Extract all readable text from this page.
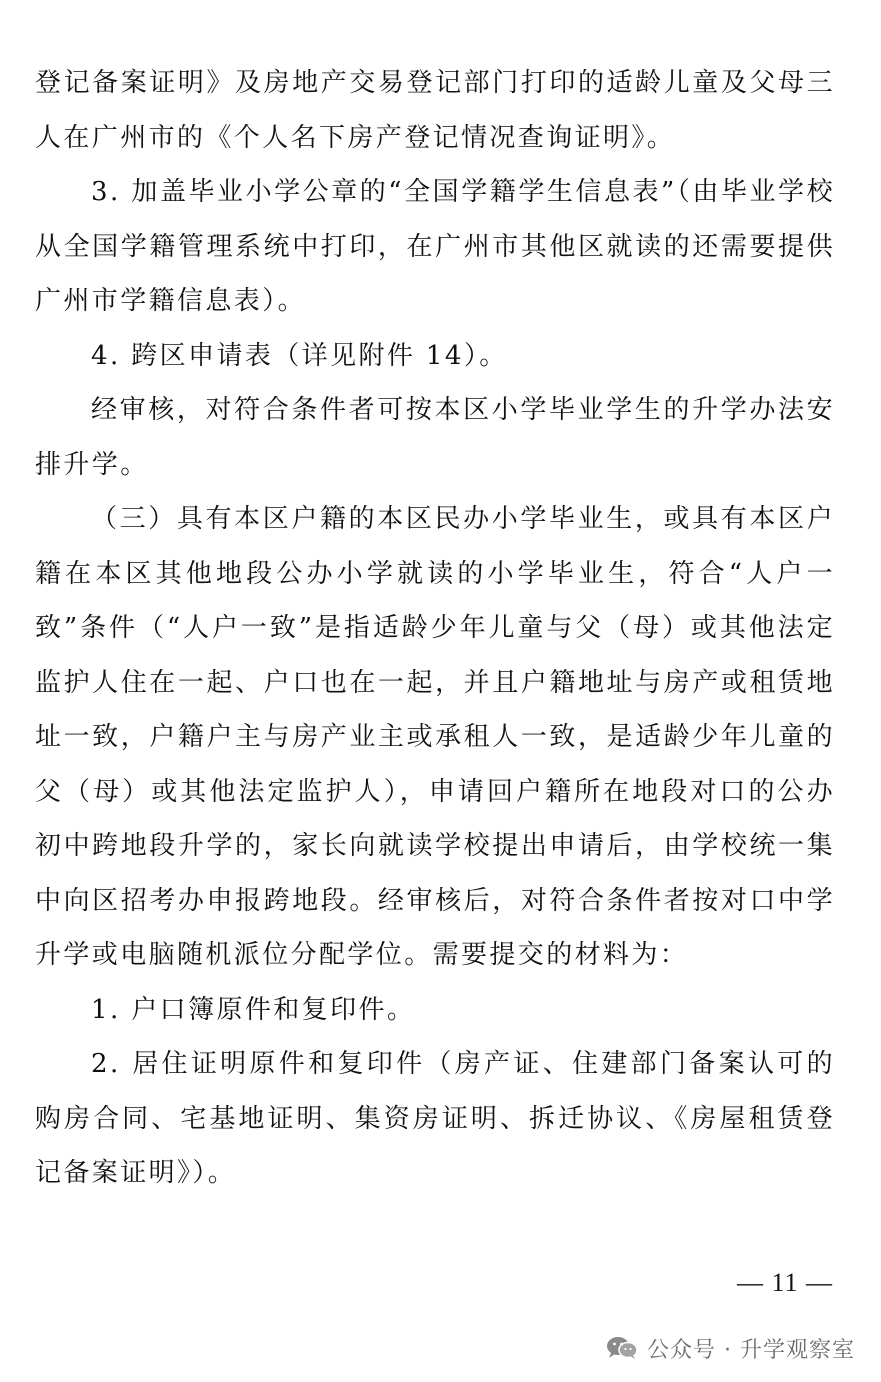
登记备案证明》及房地产交易登记部门打印的适龄儿童及父母三人在广州市的《个人名下房产登记情况查询证明》。

3. 加盖毕业小学公章的“全国学籍学生信息表”（由毕业学校从全国学籍管理系统中打印，在广州市其他区就读的还需要提供广州市学籍信息表）。

4. 跨区申请表（详见附件 14）。

经审核，对符合条件者可按本区小学毕业学生的升学办法安排升学。

（三）具有本区户籍的本区民办小学毕业生，或具有本区户籍在本区其他地段公办小学就读的小学毕业生，符合“人户一致”条件（“人户一致”是指适龄少年儿童与父（母）或其他法定监护人住在一起、户口也在一起，并且户籍地址与房产或租赁地址一致，户籍户主与房产业主或承租人一致，是适龄少年儿童的父（母）或其他法定监护人），申请回户籍所在地段对口的公办初中跨地段升学的，家长向就读学校提出申请后，由学校统一集中向区招考办申报跨地段。经审核后，对符合条件者按对口中学升学或电脑随机派位分配学位。需要提交的材料为：

1. 户口簿原件和复印件。

2. 居住证明原件和复印件（房产证、住建部门备案认可的购房合同、宅基地证明、集资房证明、拆迁协议、《房屋租赁登记备案证明》）。

— 11 —
公众号 · 升学观察室
